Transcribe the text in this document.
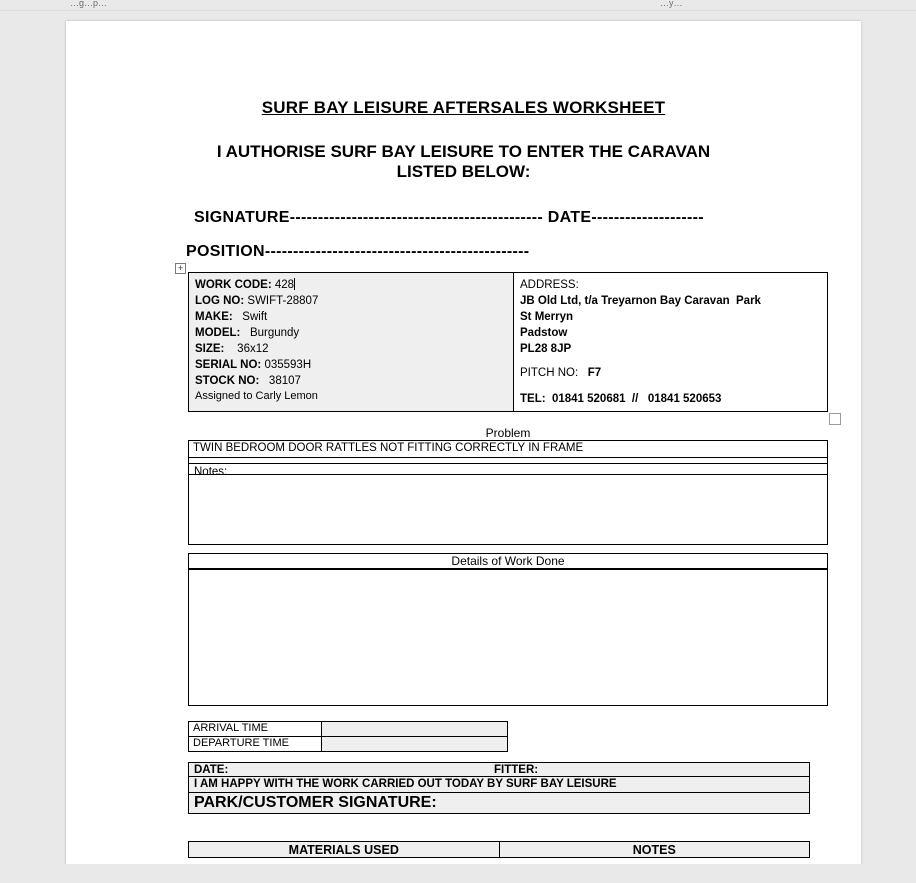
…g…p…	…y…
SURF BAY LEISURE AFTERSALES WORKSHEET
I AUTHORISE SURF BAY LEISURE TO ENTER THE CARAVAN
LISTED BELOW:
SIGNATURE--------------------------------------------- DATE--------------------
POSITION-----------------------------------------------
+
WORK CODE: 428
LOG NO: SWIFT-28807
MAKE: Swift
MODEL: Burgundy
SIZE: 36x12
SERIAL NO: 035593H
STOCK NO: 38107
Assigned to Carly Lemon
ADDRESS:
JB Old Ltd, t/a Treyarnon Bay Caravan  Park
St Merryn
Padstow
PL28 8JP
PITCH NO: F7
TEL: 01841 520681  //   01841 520653
Problem
TWIN BEDROOM DOOR RATTLES NOT FITTING CORRECTLY IN FRAME
Notes:
Details of Work Done
ARRIVAL TIME
DEPARTURE TIME
DATE:	FITTER:
I AM HAPPY WITH THE WORK CARRIED OUT TODAY BY SURF BAY LEISURE
PARK/CUSTOMER SIGNATURE:
MATERIALS USED	NOTES
